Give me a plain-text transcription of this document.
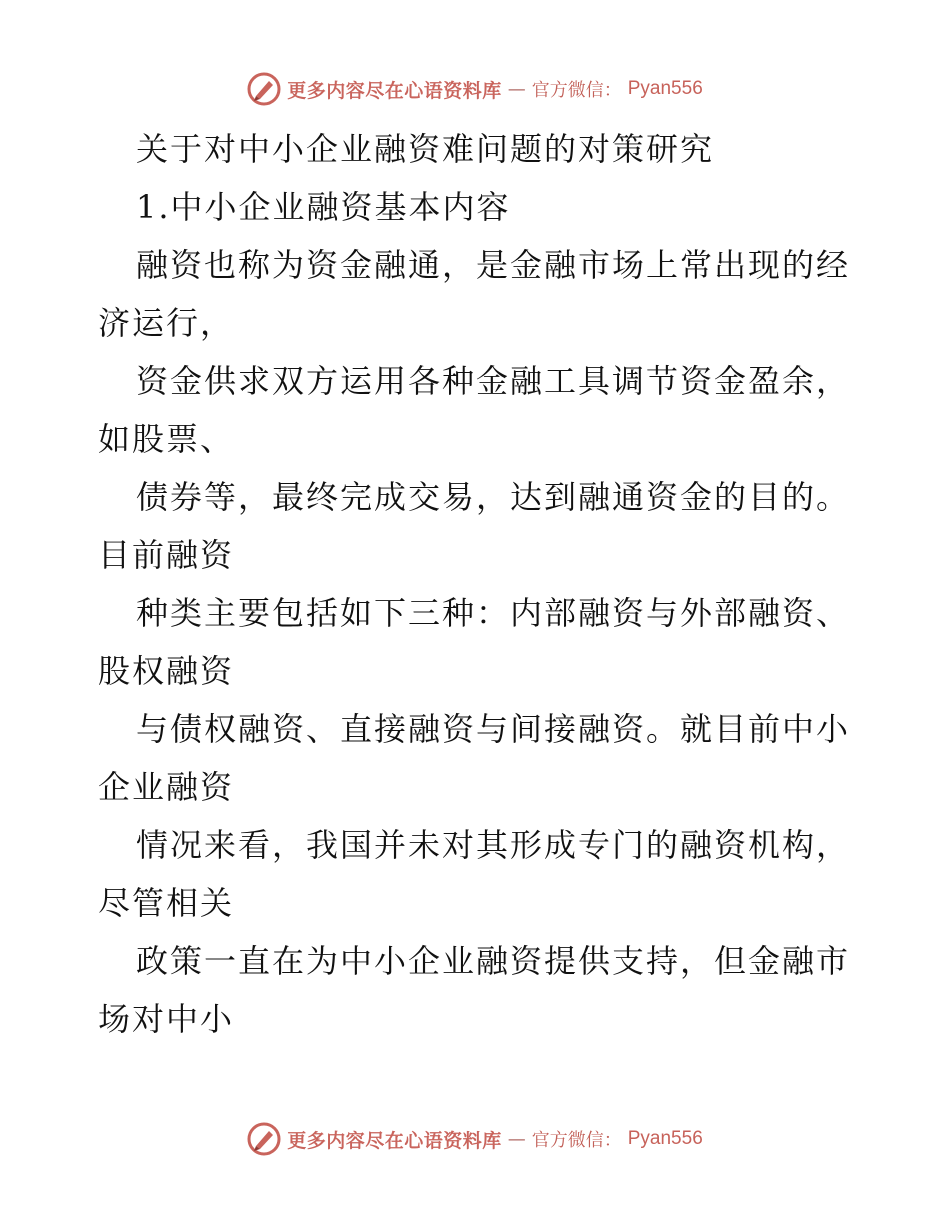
更多内容尽在心语资料库 — 官方微信： Pyan556
关于对中小企业融资难问题的对策研究
1.中小企业融资基本内容
融资也称为资金融通，是金融市场上常出现的经
济运行，
资金供求双方运用各种金融工具调节资金盈余，
如股票、
债券等，最终完成交易，达到融通资金的目的。
目前融资
种类主要包括如下三种：内部融资与外部融资、
股权融资
与债权融资、直接融资与间接融资。就目前中小
企业融资
情况来看，我国并未对其形成专门的融资机构，
尽管相关
政策一直在为中小企业融资提供支持，但金融市
场对中小
更多内容尽在心语资料库 — 官方微信： Pyan556
